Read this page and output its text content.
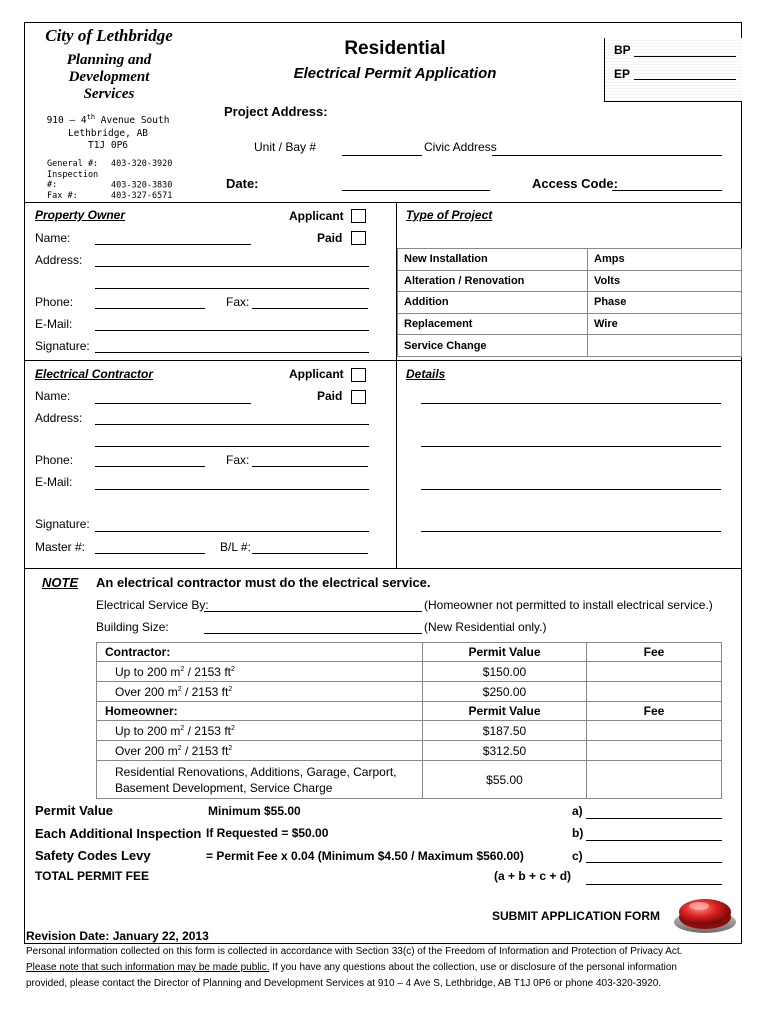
City of Lethbridge
Planning and
Development
Services
910 – 4th Avenue South
Lethbridge, AB
T1J 0P6
General #: 403-320-3920
Inspection #:	403-320-3830
Fax #:	403-327-6571
Residential
Electrical Permit Application
BP
EP
Project Address:
Unit / Bay #	Civic Address
Date:	Access Code:
Property Owner	Applicant
Paid
Name:
Address:
Phone:	Fax:
E-Mail:
Signature:
Type of Project
New Installation	Amps
Alteration / Renovation	Volts
Addition	Phase
Replacement	Wire
Service Change	
Electrical Contractor	Applicant
Paid
Name:
Address:
Phone:	Fax:
E-Mail:
Signature:
Master #:	B/L #:
Details
NOTE An electrical contractor must do the electrical service.
Electrical Service By:	(Homeowner not permitted to install electrical service.)
Building Size:	(New Residential only.)
Contractor:	Permit Value	Fee
Up to 200 $m^2 / 2153$ $ft^2$	$150.00	
Over 200 $m^2 / 2153$ $ft^2$	$250.00	
Homeowner:	Permit Value	Fee
Up to 200 $m^2 / 2153$ $ft^2$	$187.50	
Over 200 $m^2 / 2153$ $ft^2$	$312.50	

Residential Renovations, Additions, Garage, Carport,
Basement Development, Service Charge	$55.00	
Permit Value	Minimum $55.00	a)
Each Additional Inspection If Requested = $50.00	b)
Safety Codes Levy	= Permit Fee x 0.04 (Minimum $4.50 / Maximum $560.00)	c)
TOTAL PERMIT FEE	(a + b + c + d)
SUBMIT APPLICATION FORM
Revision Date: January 22, 2013
Personal information collected on this form is collected in accordance with Section 33(c) of the Freedom of Information and Protection of Privacy Act.
Please note that such information may be made public. If you have any questions about the collection, use or disclosure of the personal information
provided, please contact the Director of Planning and Development Services at 910 – 4 Ave S, Lethbridge, AB T1J 0P6 or phone 403-320-3920.
